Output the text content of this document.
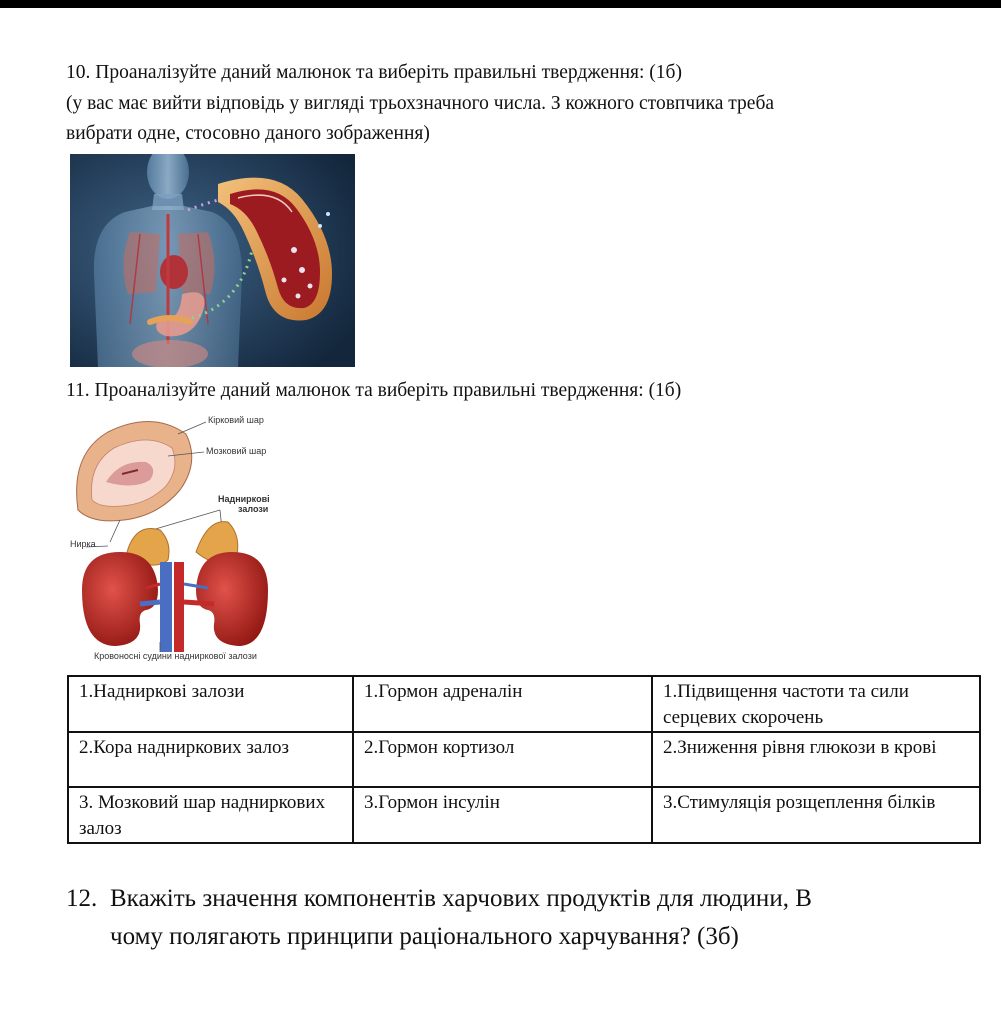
10. Проаналізуйте даний малюнок та виберіть правильні твердження: (1б)
(у вас має вийти відповідь у вигляді трьохзначного числа. З кожного стовпчика треба
вибрати одне, стосовно даного зображення)
11. Проаналізуйте даний малюнок та виберіть правильні твердження: (1б)
Кірковий шар
Мозковий шар
Надниркові
залози
Нирка
Кровоносні судини надниркової залози
1.Надниркові залози	1.Гормон адреналін	1.Підвищення частоти та сили серцевих скорочень
2.Кора надниркових залоз	2.Гормон кортизол	2.Зниження рівня глюкози в крові
3. Мозковий шар надниркових залоз	3.Гормон інсулін	3.Стимуляція розщеплення білків
12. Вкажіть значення компонентів харчових продуктів для людини, В
чому полягають принципи раціонального харчування? (3б)
